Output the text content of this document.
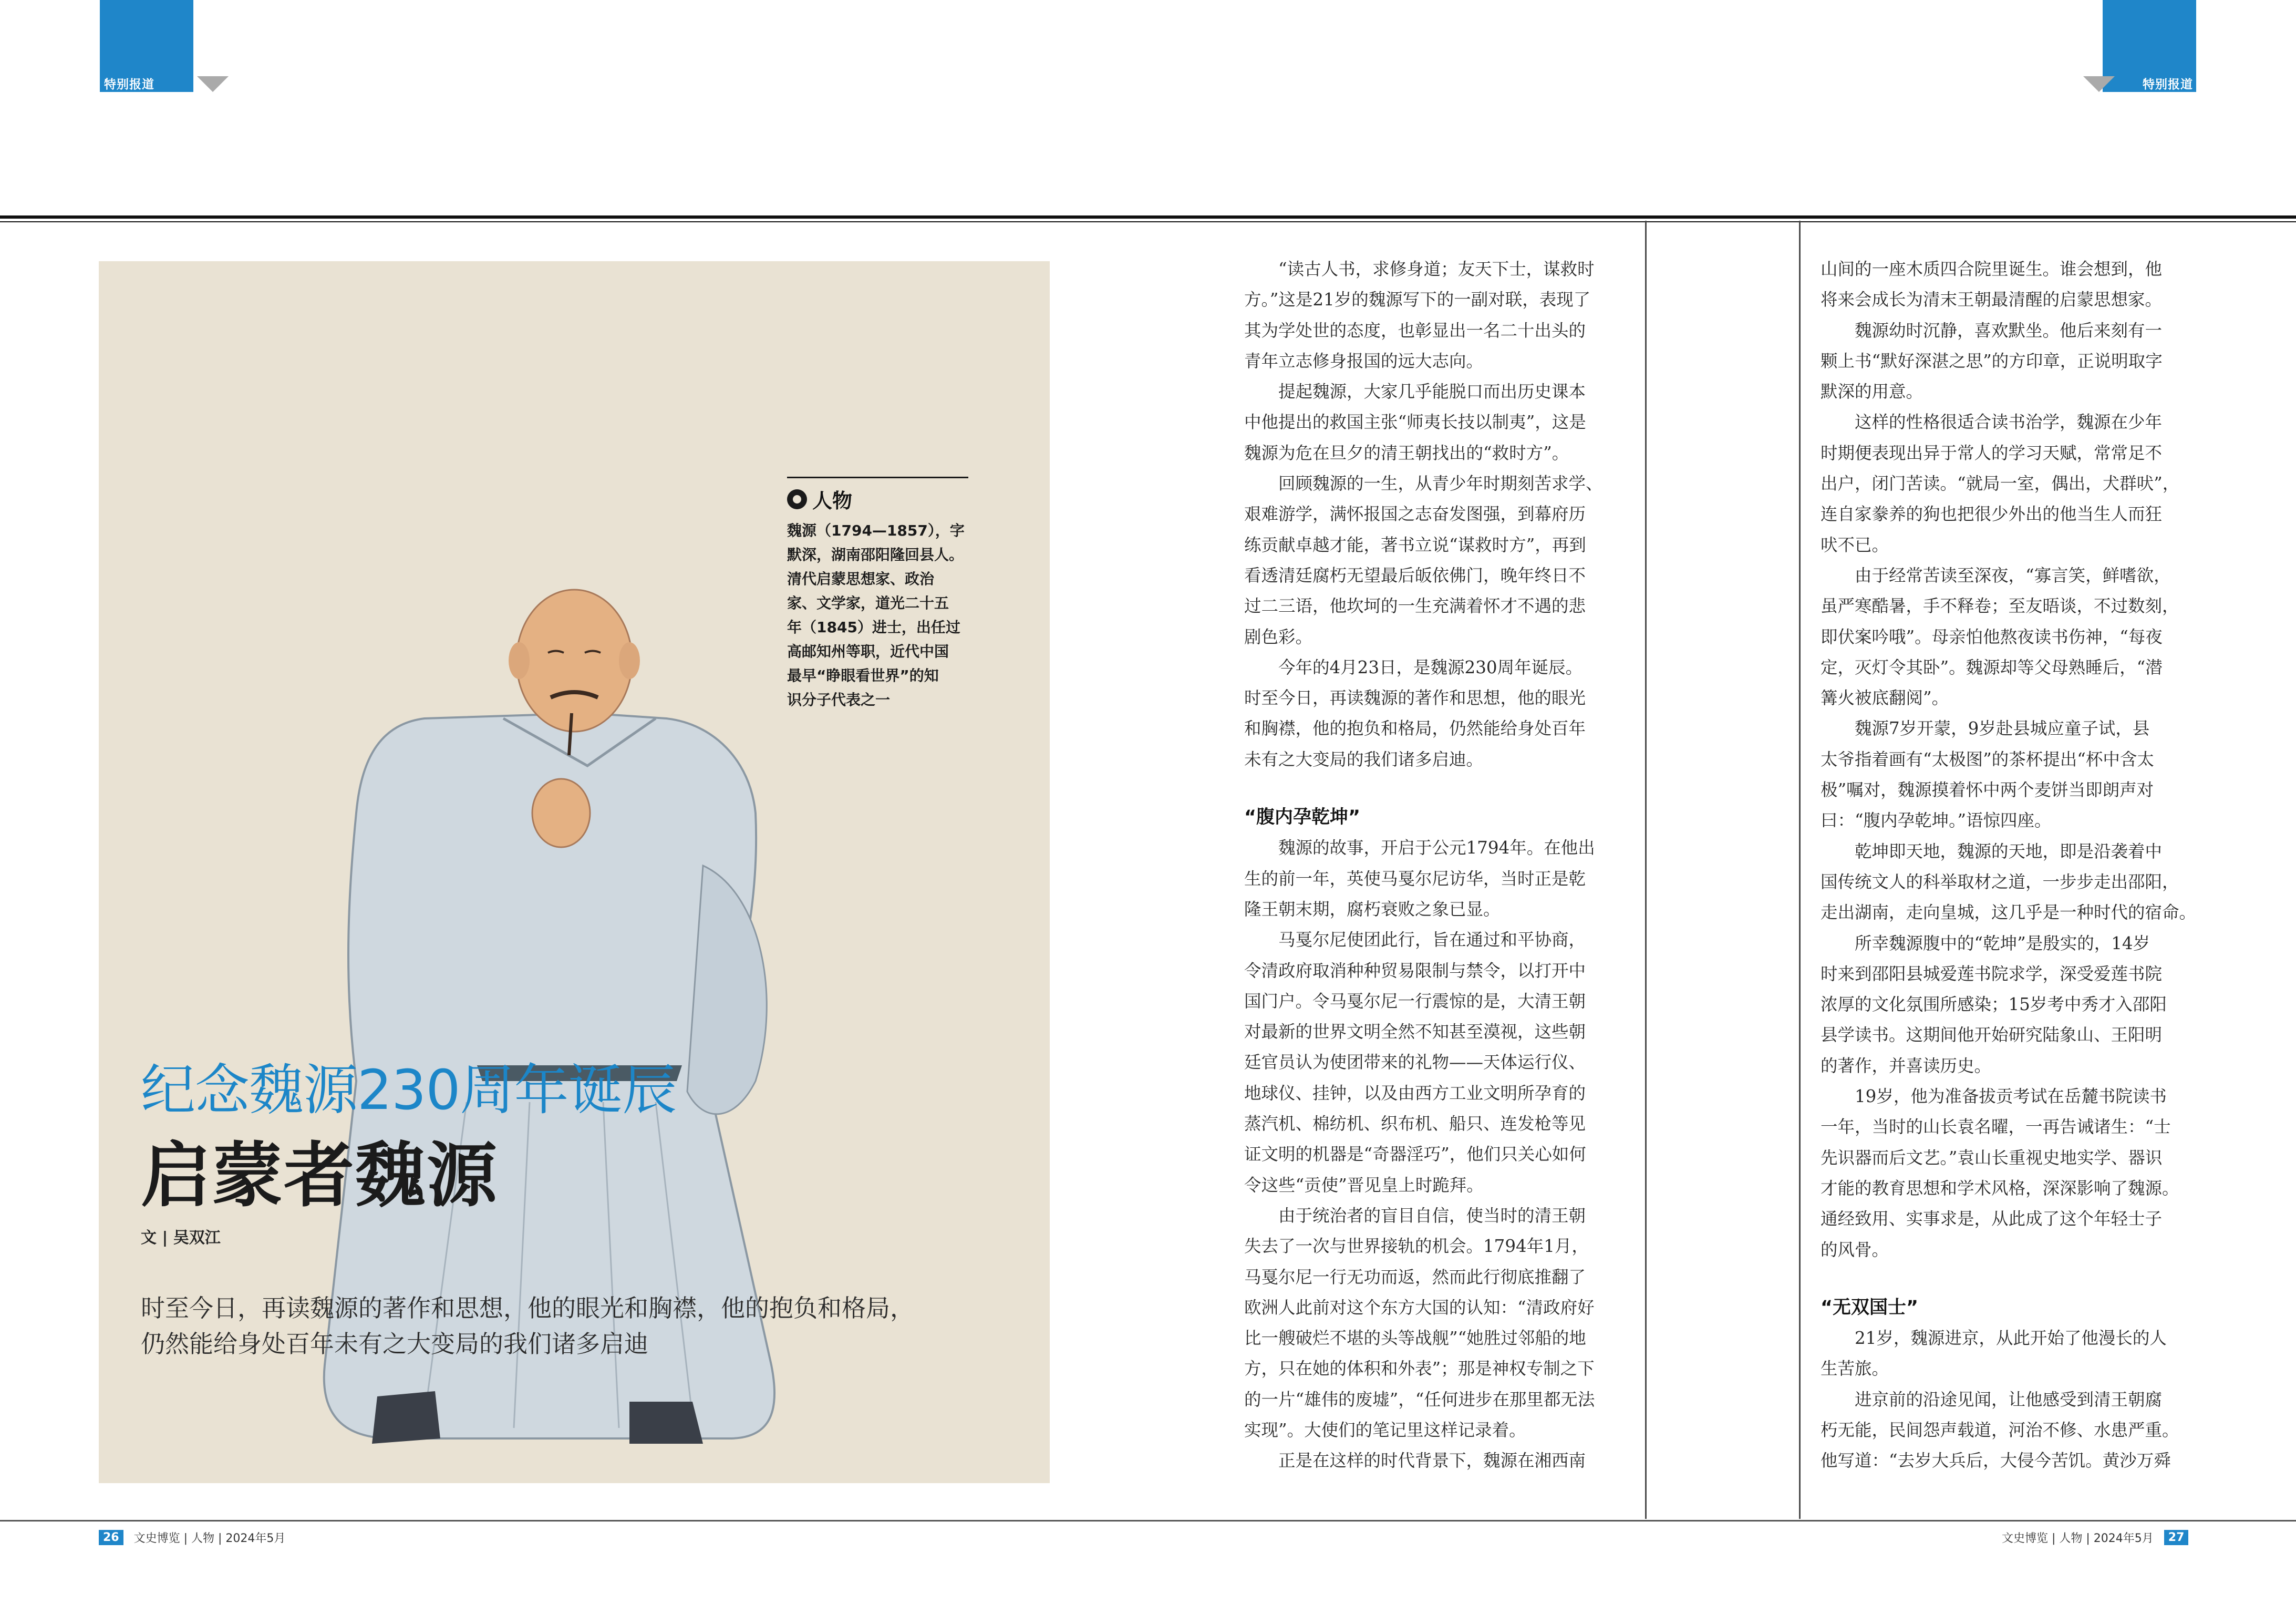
特别报道	特别报道
人物

魏源（1794—1857），字

默深，湖南邵阳隆回县人。

清代启蒙思想家、政治

家、文学家，道光二十五

年（1845）进士，出任过

高邮知州等职，近代中国

最早“睁眼看世界”的知

识分子代表之一

纪念魏源230周年诞辰
启蒙者魏源
文 | 吴双江

时至今日，再读魏源的著作和思想，他的眼光和胸襟，他的抱负和格局，

仍然能给身处百年未有之大变局的我们诸多启迪

　　“读古人书，求修身道；友天下士，谋救时

方。”这是21岁的魏源写下的一副对联，表现了

其为学处世的态度，也彰显出一名二十出头的

青年立志修身报国的远大志向。

　　提起魏源，大家几乎能脱口而出历史课本

中他提出的救国主张“师夷长技以制夷”，这是

魏源为危在旦夕的清王朝找出的“救时方”。

　　回顾魏源的一生，从青少年时期刻苦求学、

艰难游学，满怀报国之志奋发图强，到幕府历

练贡献卓越才能，著书立说“谋救时方”，再到

看透清廷腐朽无望最后皈依佛门，晚年终日不

过二三语，他坎坷的一生充满着怀才不遇的悲

剧色彩。

　　今年的4月23日，是魏源230周年诞辰。

时至今日，再读魏源的著作和思想，他的眼光

和胸襟，他的抱负和格局，仍然能给身处百年

未有之大变局的我们诸多启迪。

“腹内孕乾坤”

　　魏源的故事，开启于公元1794年。在他出

生的前一年，英使马戛尔尼访华，当时正是乾

隆王朝末期，腐朽衰败之象已显。

　　马戛尔尼使团此行，旨在通过和平协商，

令清政府取消种种贸易限制与禁令，以打开中

国门户。令马戛尔尼一行震惊的是，大清王朝

对最新的世界文明全然不知甚至漠视，这些朝

廷官员认为使团带来的礼物——天体运行仪、

地球仪、挂钟，以及由西方工业文明所孕育的

蒸汽机、棉纺机、织布机、船只、连发枪等见

证文明的机器是“奇器淫巧”，他们只关心如何

令这些“贡使”晋见皇上时跪拜。

　　由于统治者的盲目自信，使当时的清王朝

失去了一次与世界接轨的机会。1794年1月，

马戛尔尼一行无功而返，然而此行彻底推翻了

欧洲人此前对这个东方大国的认知：“清政府好

比一艘破烂不堪的头等战舰”“她胜过邻船的地

方，只在她的体积和外表”；那是神权专制之下

的一片“雄伟的废墟”，“任何进步在那里都无法

实现”。大使们的笔记里这样记录着。

　　正是在这样的时代背景下，魏源在湘西南

山间的一座木质四合院里诞生。谁会想到，他

将来会成长为清末王朝最清醒的启蒙思想家。

　　魏源幼时沉静，喜欢默坐。他后来刻有一

颗上书“默好深湛之思”的方印章，正说明取字

默深的用意。

　　这样的性格很适合读书治学，魏源在少年

时期便表现出异于常人的学习天赋，常常足不

出户，闭门苦读。“就局一室，偶出，犬群吠”，

连自家豢养的狗也把很少外出的他当生人而狂

吠不已。

　　由于经常苦读至深夜，“寡言笑，鲜嗜欲，

虽严寒酷暑，手不释卷；至友晤谈，不过数刻，

即伏案吟哦”。母亲怕他熬夜读书伤神，“每夜

定，灭灯令其卧”。魏源却等父母熟睡后，“潜

篝火被底翻阅”。

　　魏源7岁开蒙，9岁赴县城应童子试，县

太爷指着画有“太极图”的茶杯提出“杯中含太

极”嘱对，魏源摸着怀中两个麦饼当即朗声对

曰：“腹内孕乾坤。”语惊四座。

　　乾坤即天地，魏源的天地，即是沿袭着中

国传统文人的科举取材之道，一步步走出邵阳，

走出湖南，走向皇城，这几乎是一种时代的宿命。

　　所幸魏源腹中的“乾坤”是殷实的，14岁

时来到邵阳县城爱莲书院求学，深受爱莲书院

浓厚的文化氛围所感染；15岁考中秀才入邵阳

县学读书。这期间他开始研究陆象山、王阳明

的著作，并喜读历史。

　　19岁，他为准备拔贡考试在岳麓书院读书

一年，当时的山长袁名曜，一再告诫诸生：“士

先识器而后文艺。”袁山长重视史地实学、器识

才能的教育思想和学术风格，深深影响了魏源。

通经致用、实事求是，从此成了这个年轻士子

的风骨。

“无双国士”

　　21岁，魏源进京，从此开始了他漫长的人

生苦旅。

　　进京前的沿途见闻，让他感受到清王朝腐

朽无能，民间怨声载道，河治不修、水患严重。

他写道：“去岁大兵后，大侵今苦饥。黄沙万舜

26	文史博览 | 人物 | 2024年5月	文史博览 | 人物 | 2024年5月	27
